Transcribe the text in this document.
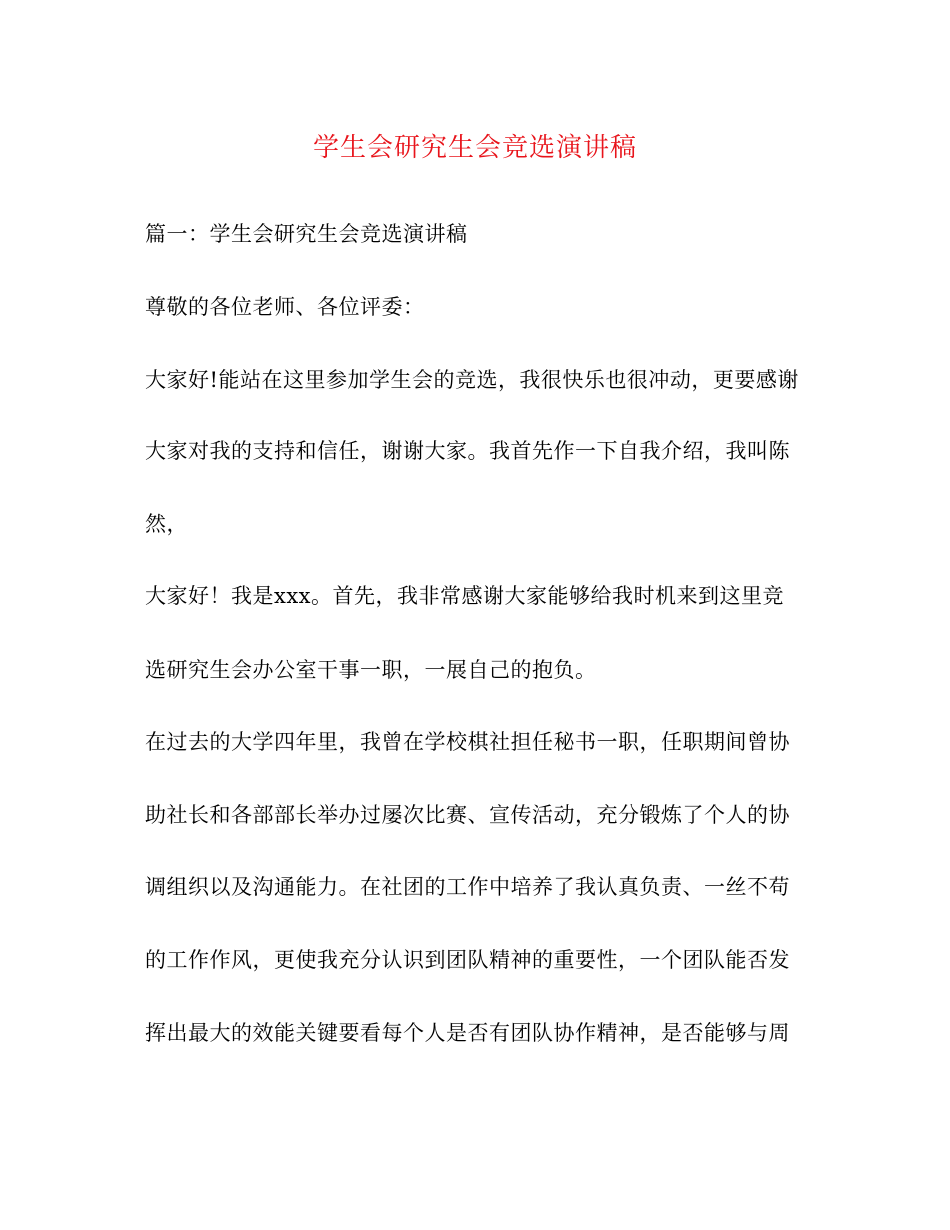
学生会研究生会竞选演讲稿
篇一：学生会研究生会竞选演讲稿
尊敬的各位老师、各位评委：
大家好!能站在这里参加学生会的竞选，我很快乐也很冲动，更要感谢
大家对我的支持和信任，谢谢大家。我首先作一下自我介绍，我叫陈
然，
大家好！我是xxx。首先，我非常感谢大家能够给我时机来到这里竞
选研究生会办公室干事一职，一展自己的抱负。
在过去的大学四年里，我曾在学校棋社担任秘书一职，任职期间曾协
助社长和各部部长举办过屡次比赛、宣传活动，充分锻炼了个人的协
调组织以及沟通能力。在社团的工作中培养了我认真负责、一丝不苟
的工作作风，更使我充分认识到团队精神的重要性，一个团队能否发
挥出最大的效能关键要看每个人是否有团队协作精神，是否能够与周
